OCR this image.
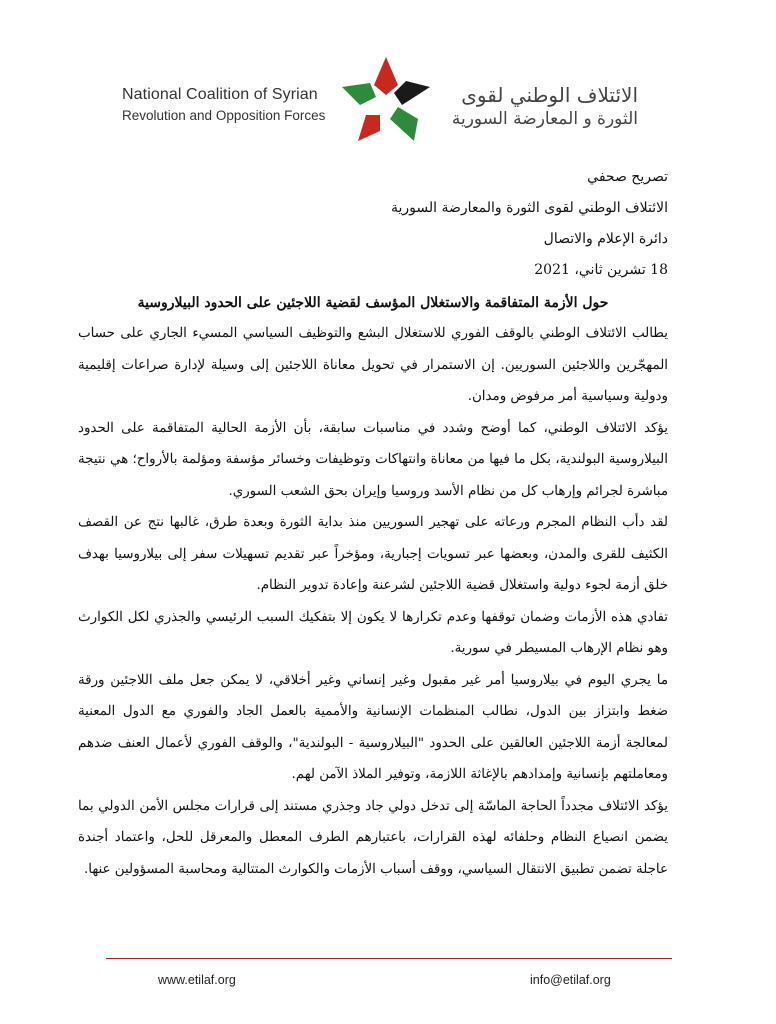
National Coalition of Syrian
Revolution and Opposition Forces
الائتلاف الوطني لقوى
الثورة و المعارضة السورية
تصريح صحفي
الائتلاف الوطني لقوى الثورة والمعارضة السورية
دائرة الإعلام والاتصال
18 تشرين ثاني، 2021
حول الأزمة المتفاقمة والاستغلال المؤسف لقضية اللاجئين على الحدود البيلاروسية

يطالب الائتلاف الوطني بالوقف الفوري للاستغلال البشع والتوظيف السياسي المسيء الجاري على حساب المهجّرين واللاجئين السوريين. إن الاستمرار في تحويل معاناة اللاجئين إلى وسيلة لإدارة صراعات إقليمية ودولية وسياسية أمر مرفوض ومدان.

يؤكد الائتلاف الوطني، كما أوضح وشدد في مناسبات سابقة، بأن الأزمة الحالية المتفاقمة على الحدود البيلاروسية البولندية، بكل ما فيها من معاناة وانتهاكات وتوظيفات وخسائر مؤسفة ومؤلمة بالأرواح؛ هي نتيجة مباشرة لجرائم وإرهاب كل من نظام الأسد وروسيا وإيران بحق الشعب السوري.

لقد دأب النظام المجرم ورعاته على تهجير السوريين منذ بداية الثورة وبعدة طرق، غالبها نتج عن القصف الكثيف للقرى والمدن، وبعضها عبر تسويات إجبارية، ومؤخراً عبر تقديم تسهيلات سفر إلى بيلاروسيا بهدف خلق أزمة لجوء دولية واستغلال قضية اللاجئين لشرعنة وإعادة تدوير النظام.

تفادي هذه الأزمات وضمان توقفها وعدم تكرارها لا يكون إلا بتفكيك السبب الرئيسي والجذري لكل الكوارث وهو نظام الإرهاب المسيطر في سورية.

ما يجري اليوم في بيلاروسيا أمر غير مقبول وغير إنساني وغير أخلاقي، لا يمكن جعل ملف اللاجئين ورقة ضغط وابتزاز بين الدول، نطالب المنظمات الإنسانية والأممية بالعمل الجاد والفوري مع الدول المعنية لمعالجة أزمة اللاجئين العالقين على الحدود "البيلاروسية - البولندية"، والوقف الفوري لأعمال العنف ضدهم ومعاملتهم بإنسانية وإمدادهم بالإغاثة اللازمة، وتوفير الملاذ الآمن لهم.

يؤكد الائتلاف مجدداً الحاجة الماسّة إلى تدخل دولي جاد وجذري مستند إلى قرارات مجلس الأمن الدولي بما يضمن انصياع النظام وحلفائه لهذه القرارات، باعتبارهم الطرف المعطل والمعرقل للحل، واعتماد أجندة عاجلة تضمن تطبيق الانتقال السياسي، ووقف أسباب الأزمات والكوارث المتتالية ومحاسبة المسؤولين عنها.

www.etilaf.org	info@etilaf.org
